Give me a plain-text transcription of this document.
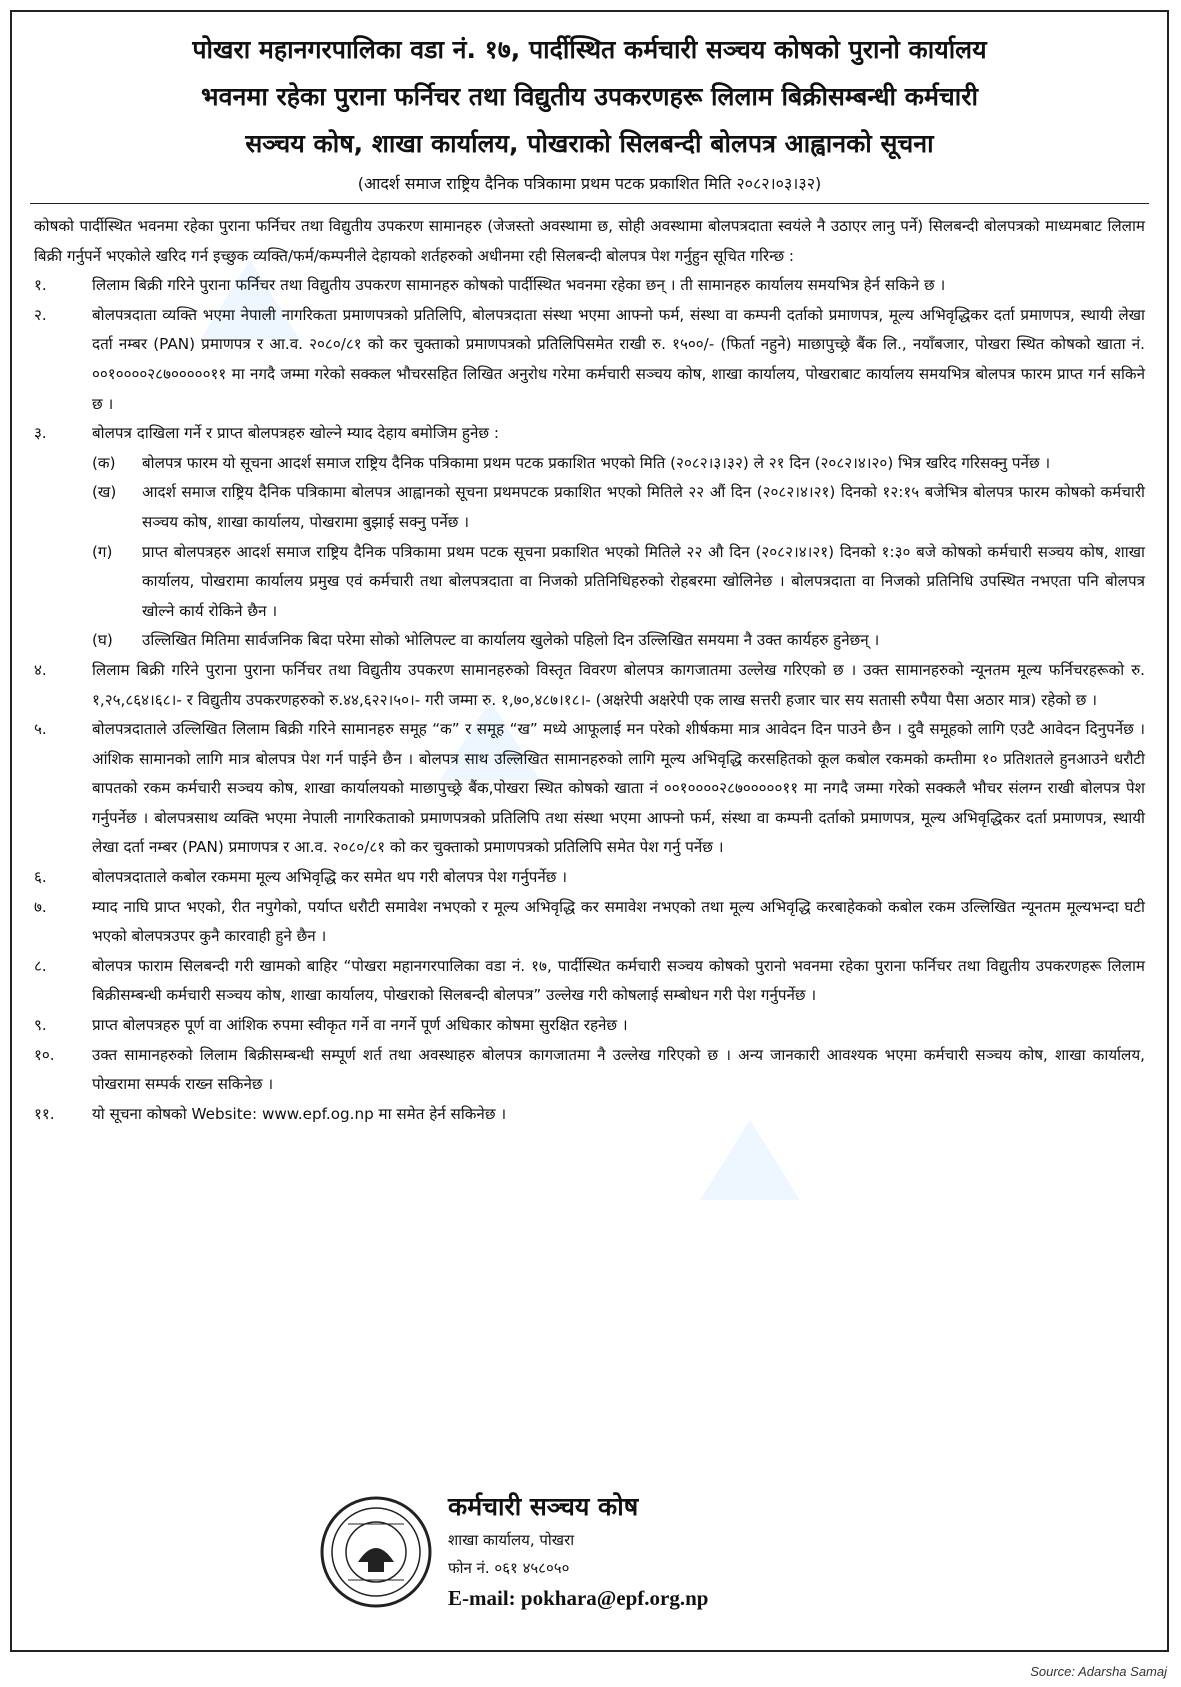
पोखरा महानगरपालिका वडा नं. १७, पार्दीस्थित कर्मचारी सञ्चय कोषको पुरानो कार्यालय
भवनमा रहेका पुराना फर्निचर तथा विद्युतीय उपकरणहरू लिलाम बिक्रीसम्बन्धी कर्मचारी
सञ्चय कोष, शाखा कार्यालय, पोखराको सिलबन्दी बोलपत्र आह्वानको सूचना
(आदर्श समाज राष्ट्रिय दैनिक पत्रिकामा प्रथम पटक प्रकाशित मिति २०८२।०३।३२)
कोषको पार्दीस्थित भवनमा रहेका पुराना फर्निचर तथा विद्युतीय उपकरण सामानहरु (जेजस्तो अवस्थामा छ, सोही अवस्थामा बोलपत्रदाता स्वयंले नै उठाएर लानु पर्ने) सिलबन्दी बोलपत्रको माध्यमबाट लिलाम बिक्री गर्नुपर्ने भएकोले खरिद गर्न इच्छुक व्यक्ति/फर्म/कम्पनीले देहायको शर्तहरुको अधीनमा रही सिलबन्दी बोलपत्र पेश गर्नुहुन सूचित गरिन्छ :
१.	लिलाम बिक्री गरिने पुराना फर्निचर तथा विद्युतीय उपकरण सामानहरु कोषको पार्दीस्थित भवनमा रहेका छन् । ती सामानहरु कार्यालय समयभित्र हेर्न सकिने छ ।
२.	बोलपत्रदाता व्यक्ति भएमा नेपाली नागरिकता प्रमाणपत्रको प्रतिलिपि, बोलपत्रदाता संस्था भएमा आफ्नो फर्म, संस्था वा कम्पनी दर्ताको प्रमाणपत्र, मूल्य अभिवृद्धिकर दर्ता प्रमाणपत्र, स्थायी लेखा दर्ता नम्बर (PAN) प्रमाणपत्र र आ.व. २०८०/८१ को कर चुक्ताको प्रमाणपत्रको प्रतिलिपिसमेत राखी रु. १५००/- (फिर्ता नहुने) माछापुच्छ्रे बैंक लि., नयाँबजार, पोखरा स्थित कोषको खाता नं. ००१००००२८७०००००११ मा नगदै जम्मा गरेको सक्कल भौचरसहित लिखित अनुरोध गरेमा कर्मचारी सञ्चय कोष, शाखा कार्यालय, पोखराबाट कार्यालय समयभित्र बोलपत्र फारम प्राप्त गर्न सकिने छ ।
३.	बोलपत्र दाखिला गर्ने र प्राप्त बोलपत्रहरु खोल्ने म्याद देहाय बमोजिम हुनेछ :
(क)	बोलपत्र फारम यो सूचना आदर्श समाज राष्ट्रिय दैनिक पत्रिकामा प्रथम पटक प्रकाशित भएको मिति (२०८२।३।३२) ले २१ दिन (२०८२।४।२०) भित्र खरिद गरिसक्नु पर्नेछ ।
(ख)	आदर्श समाज राष्ट्रिय दैनिक पत्रिकामा बोलपत्र आह्वानको सूचना प्रथमपटक प्रकाशित भएको मितिले २२ औं दिन (२०८२।४।२१) दिनको १२:१५ बजेभित्र बोलपत्र फारम कोषको कर्मचारी सञ्चय कोष, शाखा कार्यालय, पोखरामा बुझाई सक्नु पर्नेछ ।
(ग)	प्राप्त बोलपत्रहरु आदर्श समाज राष्ट्रिय दैनिक पत्रिकामा प्रथम पटक सूचना प्रकाशित भएको मितिले २२ औ दिन (२०८२।४।२१) दिनको १:३० बजे कोषको कर्मचारी सञ्चय कोष, शाखा कार्यालय, पोखरामा कार्यालय प्रमुख एवं कर्मचारी तथा बोलपत्रदाता वा निजको प्रतिनिधिहरुको रोहबरमा खोलिनेछ । बोलपत्रदाता वा निजको प्रतिनिधि उपस्थित नभएता पनि बोलपत्र खोल्ने कार्य रोकिने छैन ।
(घ)	उल्लिखित मितिमा सार्वजनिक बिदा परेमा सोको भोलिपल्ट वा कार्यालय खुलेको पहिलो दिन उल्लिखित समयमा नै उक्त कार्यहरु हुनेछन् ।
४.	लिलाम बिक्री गरिने पुराना पुराना फर्निचर तथा विद्युतीय उपकरण सामानहरुको विस्तृत विवरण बोलपत्र कागजातमा उल्लेख गरिएको छ । उक्त सामानहरुको न्यूनतम मूल्य फर्निचरहरूको रु. १,२५,८६४।६८।- र विद्युतीय उपकरणहरुको रु.४४,६२२।५०।- गरी जम्मा रु. १,७०,४८७।१८।- (अक्षरेपी अक्षरेपी एक लाख सत्तरी हजार चार सय सतासी रुपैया पैसा अठार मात्र) रहेको छ ।
५.	बोलपत्रदाताले उल्लिखित लिलाम बिक्री गरिने सामानहरु समूह “क” र समूह “ख” मध्ये आफूलाई मन परेको शीर्षकमा मात्र आवेदन दिन पाउने छैन । दुवै समूहको लागि एउटै आवेदन दिनुपर्नेछ । आंशिक सामानको लागि मात्र बोलपत्र पेश गर्न पाईने छैन । बोलपत्र साथ उल्लिखित सामानहरुको लागि मूल्य अभिवृद्धि करसहितको कूल कबोल रकमको कम्तीमा १० प्रतिशतले हुनआउने धरौटी बापतको रकम कर्मचारी सञ्चय कोष, शाखा कार्यालयको माछापुच्छ्रे बैंक,पोखरा स्थित कोषको खाता नं ००१००००२८७०००००११ मा नगदै जम्मा गरेको सक्कलै भौचर संलग्न राखी बोलपत्र पेश गर्नुपर्नेछ । बोलपत्रसाथ व्यक्ति भएमा नेपाली नागरिकताको प्रमाणपत्रको प्रतिलिपि तथा संस्था भएमा आफ्नो फर्म, संस्था वा कम्पनी दर्ताको प्रमाणपत्र, मूल्य अभिवृद्धिकर दर्ता प्रमाणपत्र, स्थायी लेखा दर्ता नम्बर (PAN) प्रमाणपत्र र आ.व. २०८०/८१ को कर चुक्ताको प्रमाणपत्रको प्रतिलिपि समेत पेश गर्नु पर्नेछ ।
६.	बोलपत्रदाताले कबोल रकममा मूल्य अभिवृद्धि कर समेत थप गरी बोलपत्र पेश गर्नुपर्नेछ ।
७.	म्याद नाघि प्राप्त भएको, रीत नपुगेको, पर्याप्त धरौटी समावेश नभएको र मूल्य अभिवृद्धि कर समावेश नभएको तथा मूल्य अभिवृद्धि करबाहेकको कबोल रकम उल्लिखित न्यूनतम मूल्यभन्दा घटी भएको बोलपत्रउपर कुनै कारवाही हुने छैन ।
८.	बोलपत्र फाराम सिलबन्दी गरी खामको बाहिर “पोखरा महानगरपालिका वडा नं. १७, पार्दीस्थित कर्मचारी सञ्चय कोषको पुरानो भवनमा रहेका पुराना फर्निचर तथा विद्युतीय उपकरणहरू लिलाम बिक्रीसम्बन्धी कर्मचारी सञ्चय कोष, शाखा कार्यालय, पोखराको सिलबन्दी बोलपत्र” उल्लेख गरी कोषलाई सम्बोधन गरी पेश गर्नुपर्नेछ ।
९.	प्राप्त बोलपत्रहरु पूर्ण वा आंशिक रुपमा स्वीकृत गर्ने वा नगर्ने पूर्ण अधिकार कोषमा सुरक्षित रहनेछ ।
१०.	उक्त सामानहरुको लिलाम बिक्रीसम्बन्धी सम्पूर्ण शर्त तथा अवस्थाहरु बोलपत्र कागजातमा नै उल्लेख गरिएको छ । अन्य जानकारी आवश्यक भएमा कर्मचारी सञ्चय कोष, शाखा कार्यालय, पोखरामा सम्पर्क राख्न सकिनेछ ।
११.	यो सूचना कोषको Website: www.epf.og.np मा समेत हेर्न सकिनेछ ।
कर्मचारी सञ्चय कोष
शाखा कार्यालय, पोखरा
फोन नं. ०६१ ४५८०५०
E-mail: pokhara@epf.org.np
Source: Adarsha Samaj
